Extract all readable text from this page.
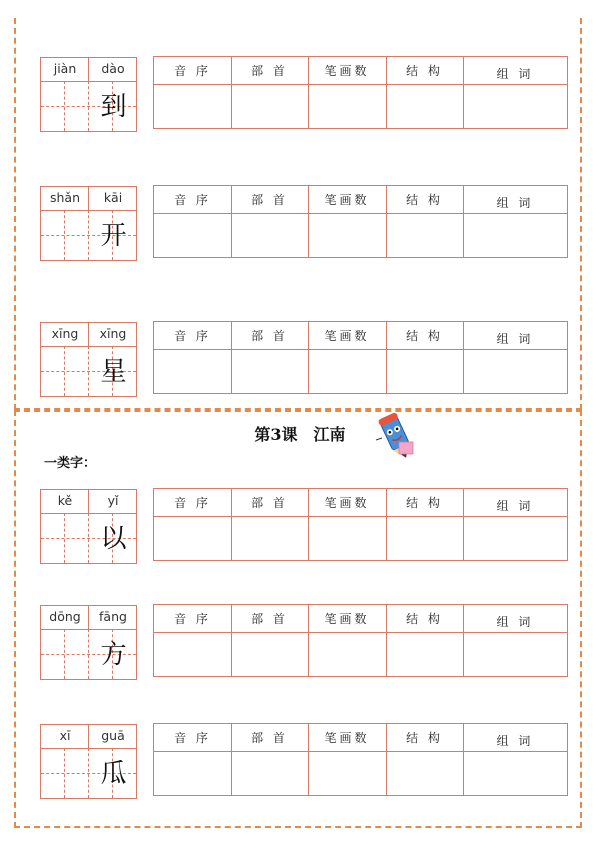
第3课　江南
一类字：
jiàn	dào
到
音 序	部 首	笔画数	结 构	组 词
shǎn	kāi
开
音 序	部 首	笔画数	结 构	组 词
xīng	xīng
星
音 序	部 首	笔画数	结 构	组 词
kě	yǐ
以
音 序	部 首	笔画数	结 构	组 词
dōng	fāng
方
音 序	部 首	笔画数	结 构	组 词
xī	guā
瓜
音 序	部 首	笔画数	结 构	组 词
